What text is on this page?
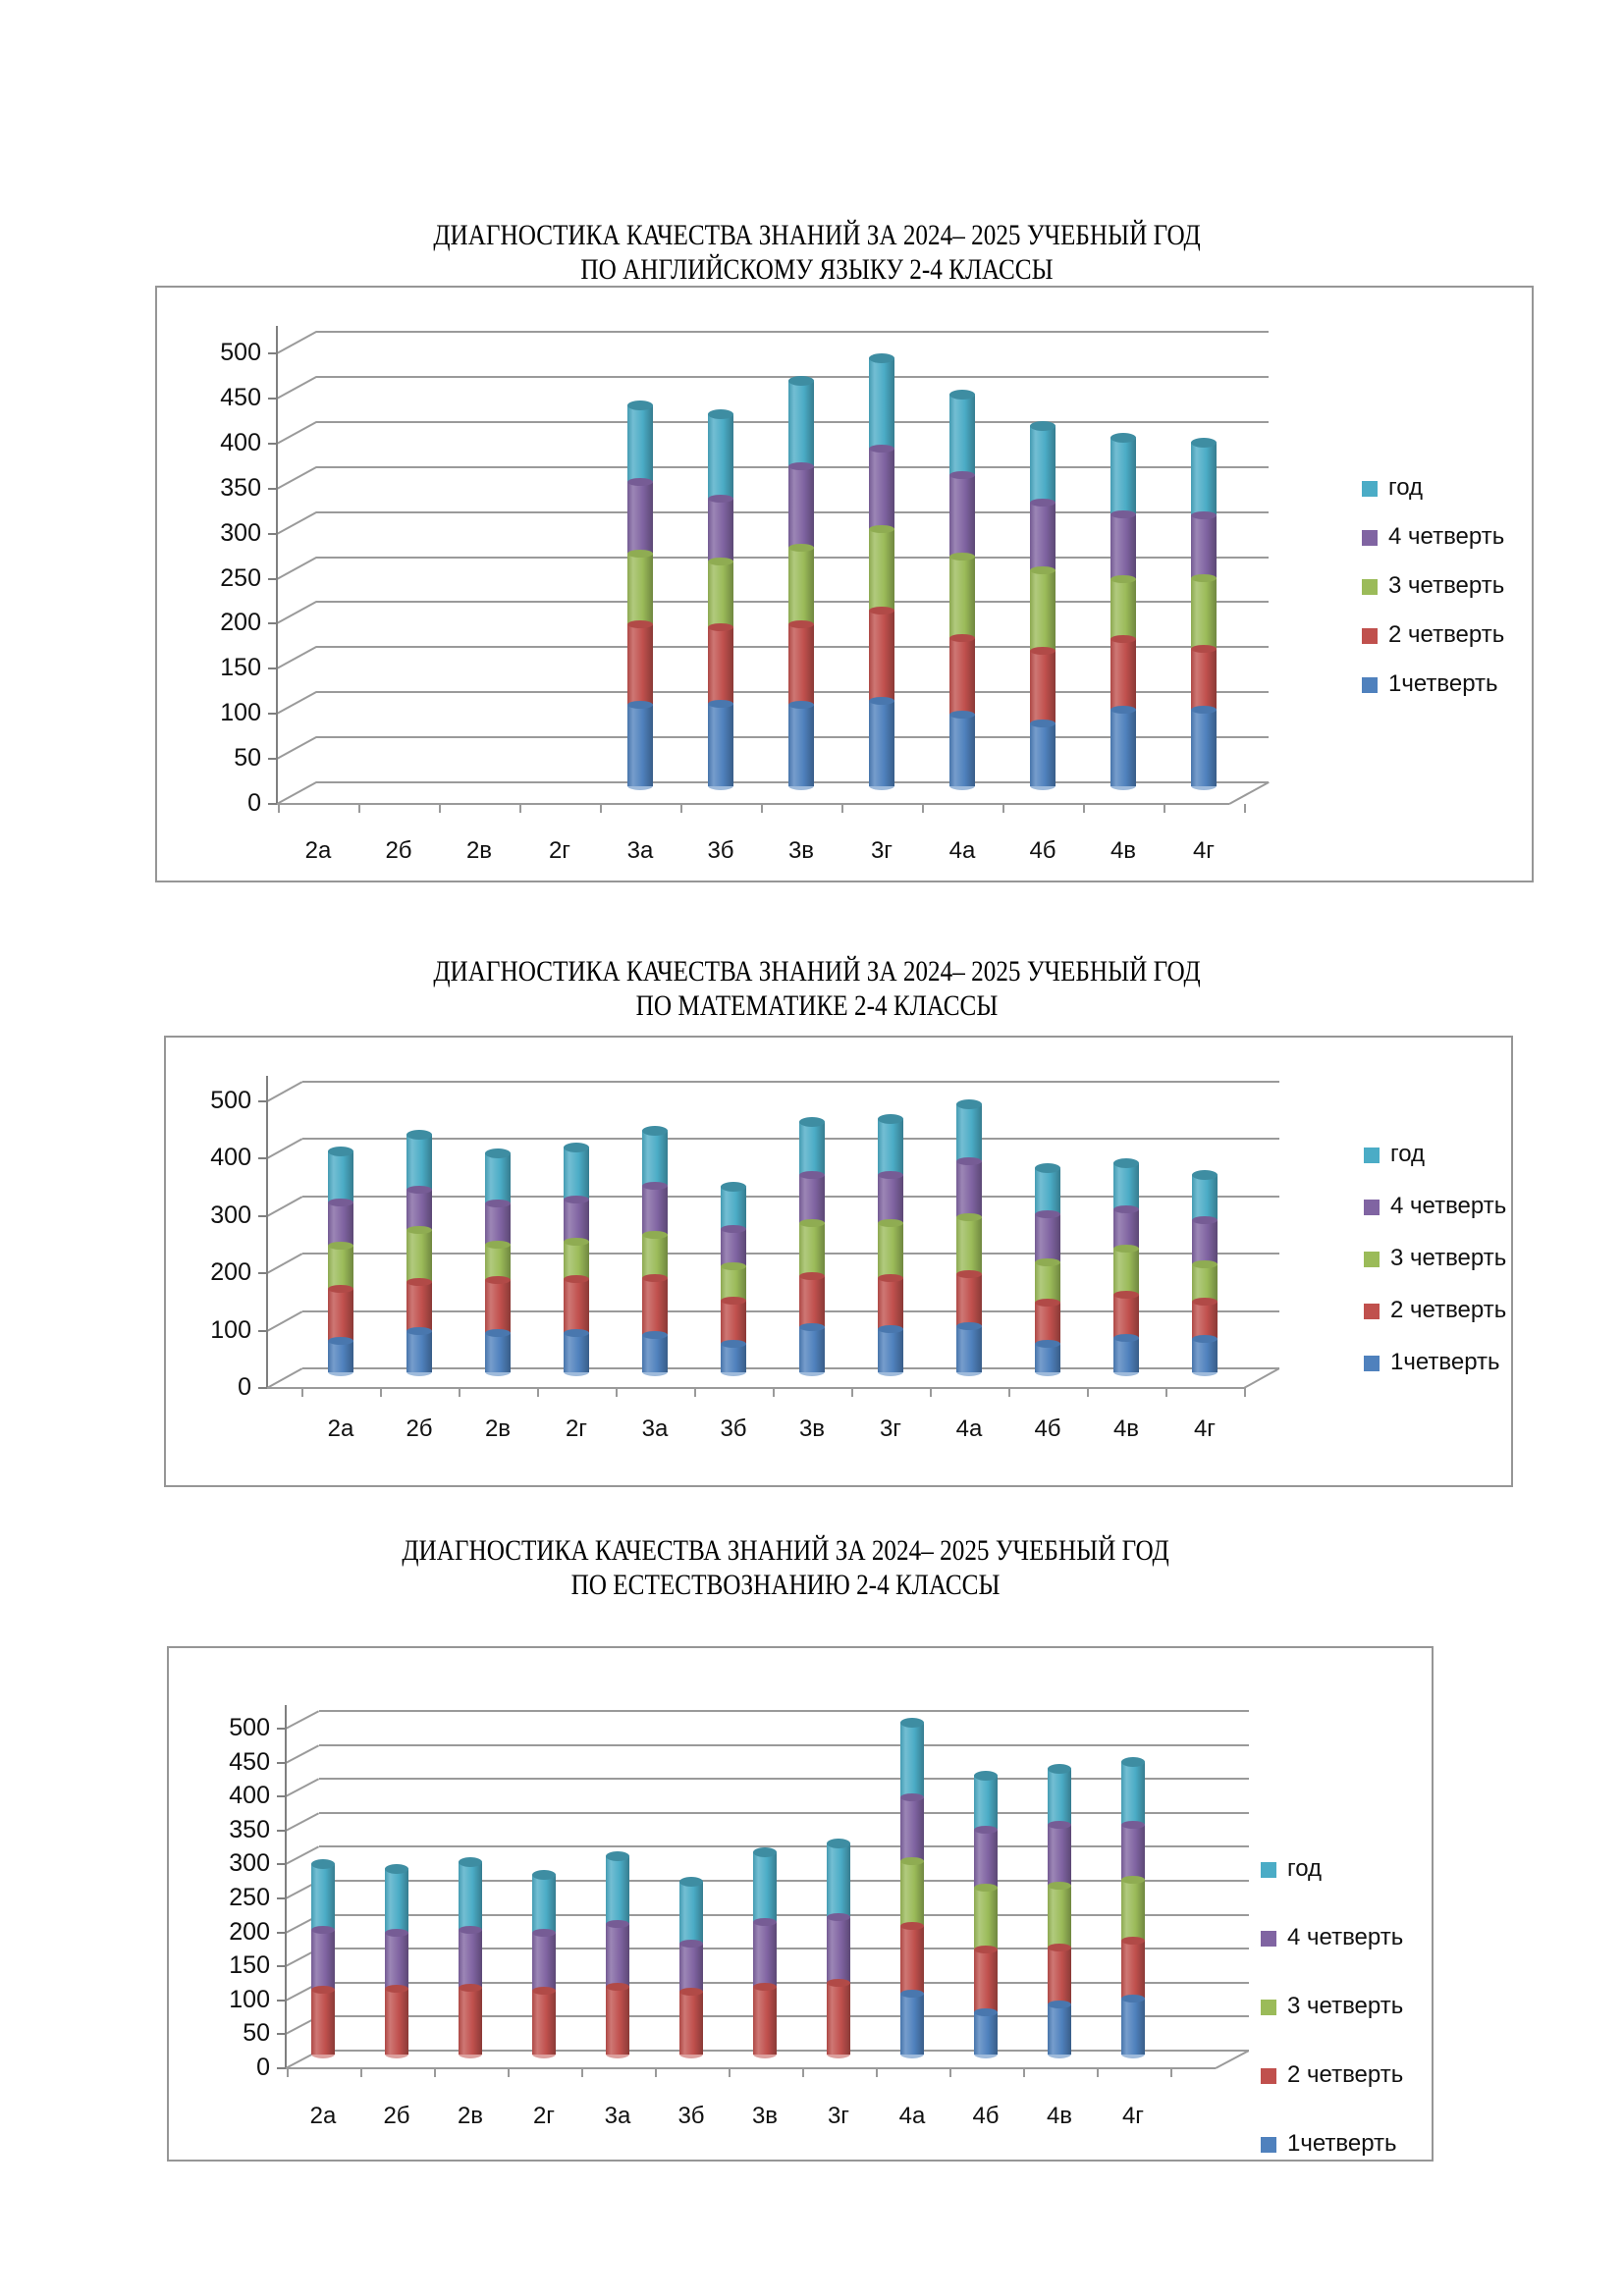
ДИАГНОСТИКА КАЧЕСТВА ЗНАНИЙ ЗА 2024– 2025 УЧЕБНЫЙ ГОД
ПО АНГЛИЙСКОМУ ЯЗЫКУ 2-4 КЛАССЫ
0
50
100
150
200
250
300
350
400
450
500
2а	2б	2в	2г	3а	3б	3в	3г	4а	4б	4в	4г
год
4 четверть
3 четверть
2 четверть
1четверть
ДИАГНОСТИКА КАЧЕСТВА ЗНАНИЙ ЗА 2024– 2025 УЧЕБНЫЙ ГОД
ПО МАТЕМАТИКЕ 2-4 КЛАССЫ
0
100
200
300
400
500
2а	2б	2в	2г	3а	3б	3в	3г	4а	4б	4в	4г
год
4 четверть
3 четверть
2 четверть
1четверть
ДИАГНОСТИКА КАЧЕСТВА ЗНАНИЙ ЗА 2024– 2025 УЧЕБНЫЙ ГОД
ПО ЕСТЕСТВОЗНАНИЮ 2-4 КЛАССЫ
0
50
100
150
200
250
300
350
400
450
500
2а	2б	2в	2г	3а	3б	3в	3г	4а	4б	4в	4г
год
4 четверть
3 четверть
2 четверть
1четверть
